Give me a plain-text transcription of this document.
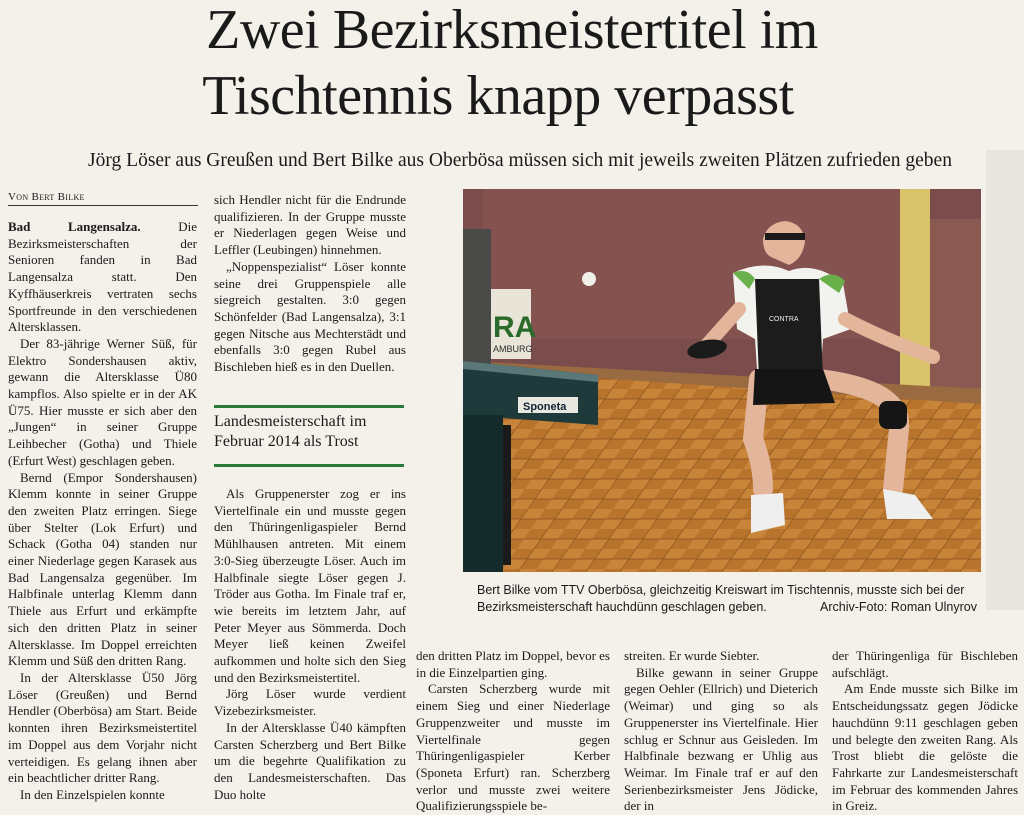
Zwei Bezirksmeistertitel im
Tischtennis knapp verpasst

Jörg Löser aus Greußen und Bert Bilke aus Oberbösa müssen sich mit jeweils zweiten Plätzen zufrieden geben

Von Bert Bilke

Bad Langensalza. Die Bezirksmeisterschaften der Senioren fanden in Bad Langensalza statt. Den Kyffhäuserkreis vertraten sechs Sportfreunde in den verschiedenen Altersklassen.

Der 83-jährige Werner Süß, für Elektro Sondershausen aktiv, gewann die Altersklasse Ü80 kampflos. Also spielte er in der AK Ü75. Hier musste er sich aber den „Jungen“ in seiner Gruppe Leihbecher (Gotha) und Thiele (Erfurt West) geschlagen geben.

Bernd (Empor Sondershausen) Klemm konnte in seiner Gruppe den zweiten Platz erringen. Siege über Stelter (Lok Erfurt) und Schack (Gotha 04) standen nur einer Niederlage gegen Karasek aus Bad Langensalza gegenüber. Im Halbfinale unterlag Klemm dann Thiele aus Erfurt und erkämpfte sich den dritten Platz in seiner Altersklasse. Im Doppel erreichten Klemm und Süß den dritten Rang.

In der Altersklasse Ü50 Jörg Löser (Greußen) und Bernd Hendler (Oberbösa) am Start. Beide konnten ihren Bezirksmeistertitel im Doppel aus dem Vorjahr nicht verteidigen. Es gelang ihnen aber ein beachtlicher dritter Rang.

In den Einzelspielen konnte

sich Hendler nicht für die Endrunde qualifizieren. In der Gruppe musste er Niederlagen gegen Weise und Leffler (Leubingen) hinnehmen.

„Noppenspezialist“ Löser konnte seine drei Gruppenspiele alle siegreich gestalten. 3:0 gegen Schönfelder (Bad Langensalza), 3:1 gegen Nitsche aus Mechterstädt und ebenfalls 3:0 gegen Rubel aus Bischleben hieß es in den Duellen.

Landesmeisterschaft im Februar 2014 als Trost

Als Gruppenerster zog er ins Viertelfinale ein und musste gegen den Thüringenligaspieler Bernd Mühlhausen antreten. Mit einem 3:0-Sieg überzeugte Löser. Auch im Halbfinale siegte Löser gegen J. Tröder aus Gotha. Im Finale traf er, wie bereits im letztem Jahr, auf Peter Meyer aus Sömmerda. Doch Meyer ließ keinen Zweifel aufkommen und holte sich den Sieg und den Bezirksmeistertitel.

Jörg Löser wurde verdient Vizebezirksmeister.

In der Altersklasse Ü40 kämpften Carsten Scherzberg und Bert Bilke um die begehrte Qualifikation zu den Landesmeisterschaften. Das Duo holte

RA
AMBURG
Sponeta
CONTRA
Bert Bilke vom TTV Oberbösa, gleichzeitig Kreiswart im Tischtennis, musste sich bei der Bezirksmeisterschaft hauchdünn geschlagen geben.	Archiv-Foto: Roman Ulnyrov

den dritten Platz im Doppel, bevor es in die Einzelpartien ging.

Carsten Scherzberg wurde mit einem Sieg und einer Niederlage Gruppenzweiter und musste im Viertelfinale gegen Thüringenligaspieler Kerber (Sponeta Erfurt) ran. Scherzberg verlor und musste zwei weitere Qualifizierungsspiele be-

streiten. Er wurde Siebter.

Bilke gewann in seiner Gruppe gegen Oehler (Ellrich) und Dieterich (Weimar) und ging so als Gruppenerster ins Viertelfinale. Hier schlug er Schnur aus Geisleden. Im Halbfinale bezwang er Uhlig aus Weimar. Im Finale traf er auf den Serienbezirksmeister Jens Jödicke, der in

der Thüringenliga für Bischleben aufschlägt.

Am Ende musste sich Bilke im Entscheidungssatz gegen Jödicke hauchdünn 9:11 geschlagen geben und belegte den zweiten Rang. Als Trost bliebt die gelöste die Fahrkarte zur Landesmeisterschaft im Februar des kommenden Jahres in Greiz.
